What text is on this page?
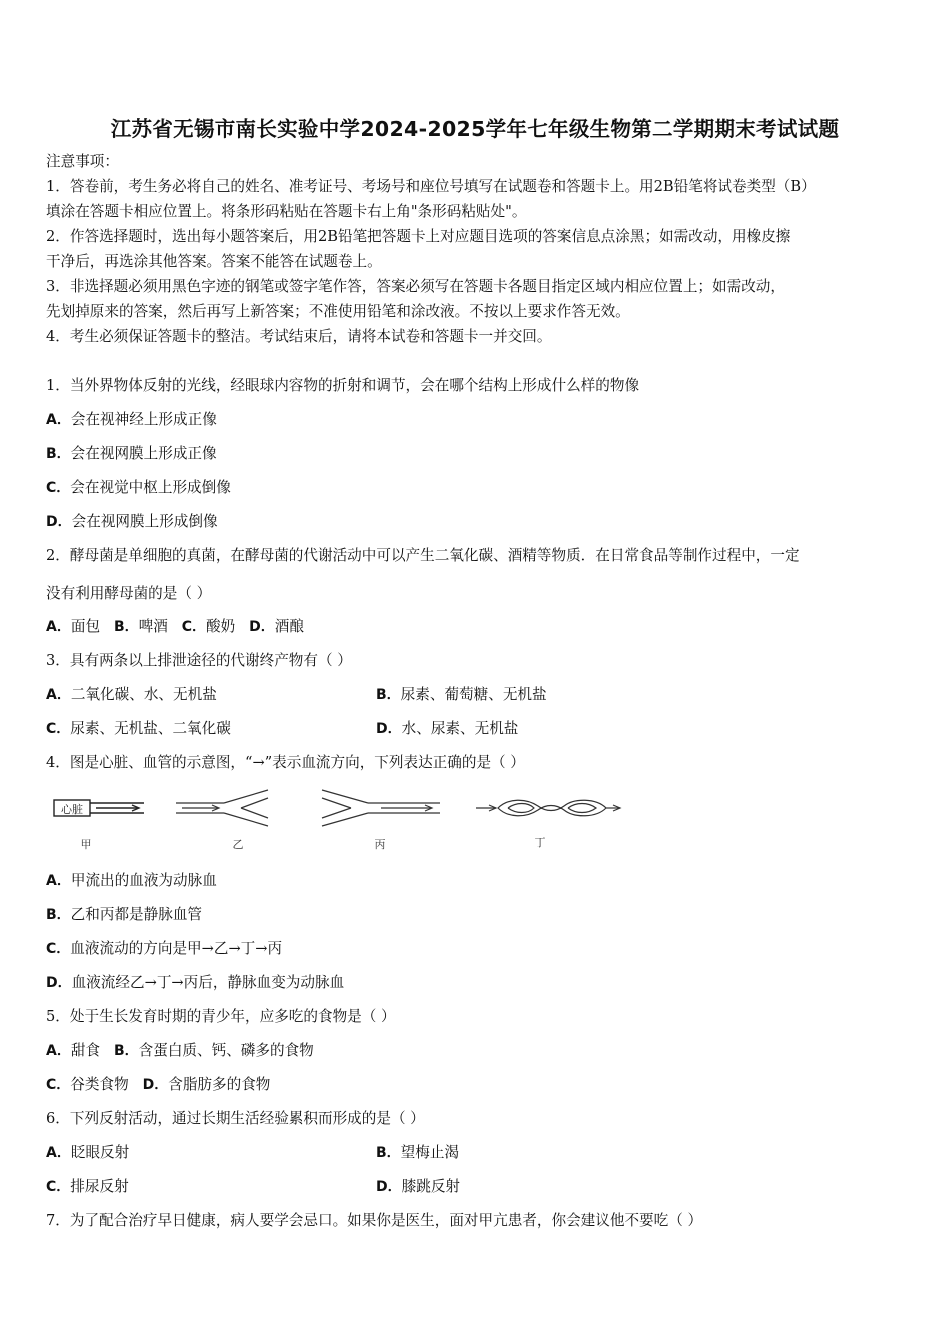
江苏省无锡市南长实验中学2024-2025学年七年级生物第二学期期末考试试题
注意事项：
1．答卷前，考生务必将自己的姓名、准考证号、考场号和座位号填写在试题卷和答题卡上。用2B铅笔将试卷类型（B）
填涂在答题卡相应位置上。将条形码粘贴在答题卡右上角"条形码粘贴处"。
2．作答选择题时，选出每小题答案后，用2B铅笔把答题卡上对应题目选项的答案信息点涂黑；如需改动，用橡皮擦
干净后，再选涂其他答案。答案不能答在试题卷上。
3．非选择题必须用黑色字迹的钢笔或签字笔作答，答案必须写在答题卡各题目指定区域内相应位置上；如需改动，
先划掉原来的答案，然后再写上新答案；不准使用铅笔和涂改液。不按以上要求作答无效。
4．考生必须保证答题卡的整洁。考试结束后，请将本试卷和答题卡一并交回。
1．当外界物体反射的光线，经眼球内容物的折射和调节，会在哪个结构上形成什么样的物像
A．会在视神经上形成正像
B．会在视网膜上形成正像
C．会在视觉中枢上形成倒像
D．会在视网膜上形成倒像
2．酵母菌是单细胞的真菌，在酵母菌的代谢活动中可以产生二氧化碳、酒精等物质．在日常食品等制作过程中，一定
没有利用酵母菌的是（ ）
A．面包 B．啤酒 C．酸奶 D．酒酿
3．具有两条以上排泄途径的代谢终产物有（ ）
A．二氧化碳、水、无机盐	B．尿素、葡萄糖、无机盐
C．尿素、无机盐、二氧化碳	D．水、尿素、无机盐
4．图是心脏、血管的示意图，“→”表示血流方向，下列表达正确的是（ ）
心脏
甲	乙	丙	丁
A．甲流出的血液为动脉血
B．乙和丙都是静脉血管
C．血液流动的方向是甲→乙→丁→丙
D．血液流经乙→丁→丙后，静脉血变为动脉血
5．处于生长发育时期的青少年，应多吃的食物是（ ）
A．甜食 B．含蛋白质、钙、磷多的食物
C．谷类食物 D．含脂肪多的食物
6．下列反射活动，通过长期生活经验累积而形成的是（ ）
A．眨眼反射	B．望梅止渴
C．排尿反射	D．膝跳反射
7．为了配合治疗早日健康，病人要学会忌口。如果你是医生，面对甲亢患者，你会建议他不要吃（ ）
